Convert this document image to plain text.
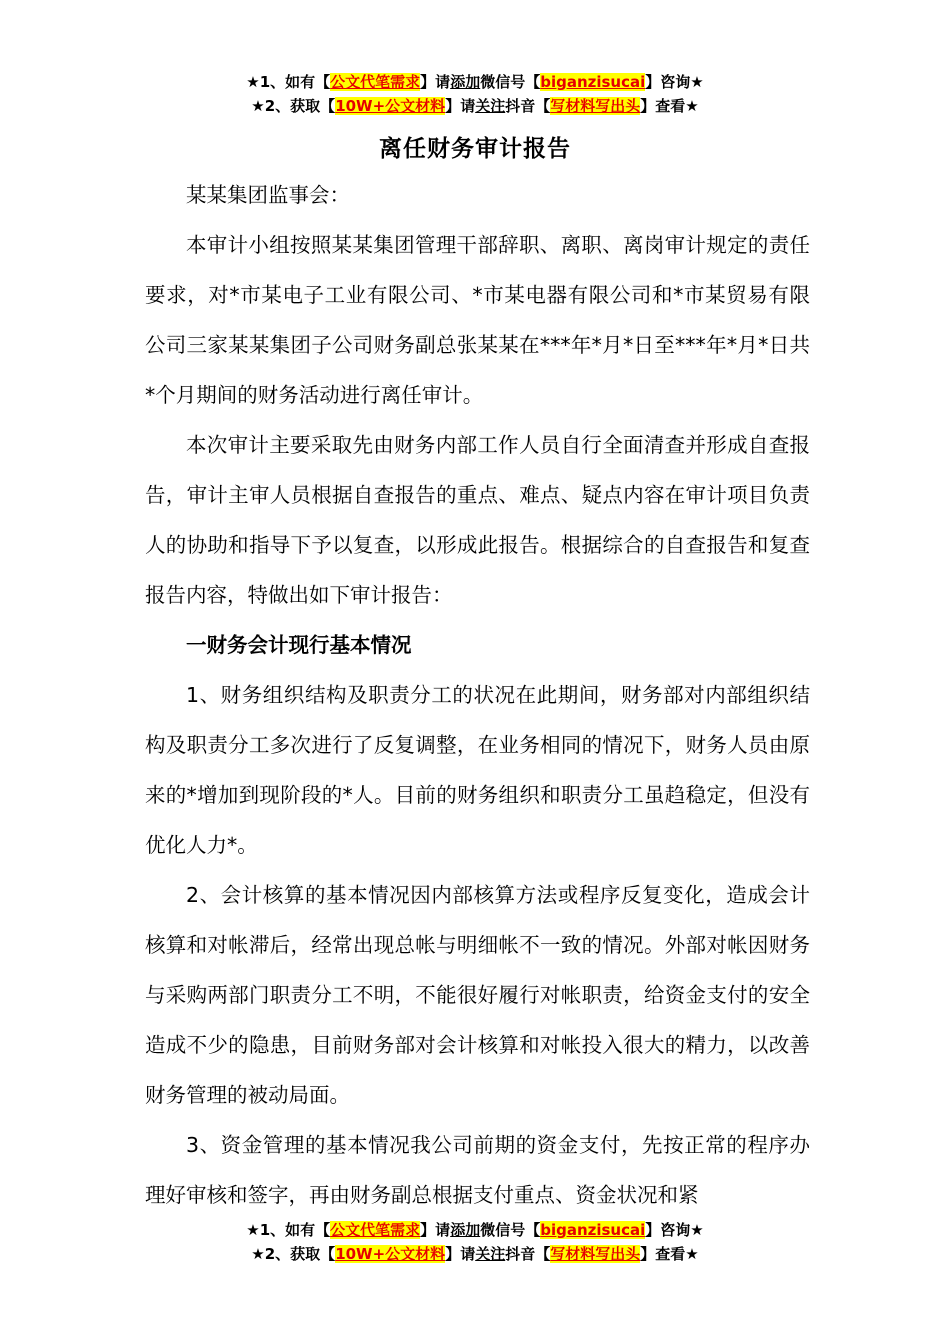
★1、如有【公文代笔需求】请添加微信号【biganzisucai】咨询★
★2、获取【10W+公文材料】请关注抖音【写材料写出头】查看★
离任财务审计报告

某某集团监事会：

本审计小组按照某某集团管理干部辞职、离职、离岗审计规定的责任要求，对*市某电子工业有限公司、*市某电器有限公司和*市某贸易有限公司三家某某集团子公司财务副总张某某在***年*月*日至***年*月*日共*个月期间的财务活动进行离任审计。

本次审计主要采取先由财务内部工作人员自行全面清查并形成自查报告，审计主审人员根据自查报告的重点、难点、疑点内容在审计项目负责人的协助和指导下予以复查，以形成此报告。根据综合的自查报告和复查报告内容，特做出如下审计报告：

一财务会计现行基本情况

1、财务组织结构及职责分工的状况在此期间，财务部对内部组织结构及职责分工多次进行了反复调整，在业务相同的情况下，财务人员由原来的*增加到现阶段的*人。目前的财务组织和职责分工虽趋稳定，但没有优化人力*。

2、会计核算的基本情况因内部核算方法或程序反复变化，造成会计核算和对帐滞后，经常出现总帐与明细帐不一致的情况。外部对帐因财务与采购两部门职责分工不明，不能很好履行对帐职责，给资金支付的安全造成不少的隐患，目前财务部对会计核算和对帐投入很大的精力，以改善财务管理的被动局面。

3、资金管理的基本情况我公司前期的资金支付，先按正常的程序办理好审核和签字，再由财务副总根据支付重点、资金状况和紧

★1、如有【公文代笔需求】请添加微信号【biganzisucai】咨询★
★2、获取【10W+公文材料】请关注抖音【写材料写出头】查看★
